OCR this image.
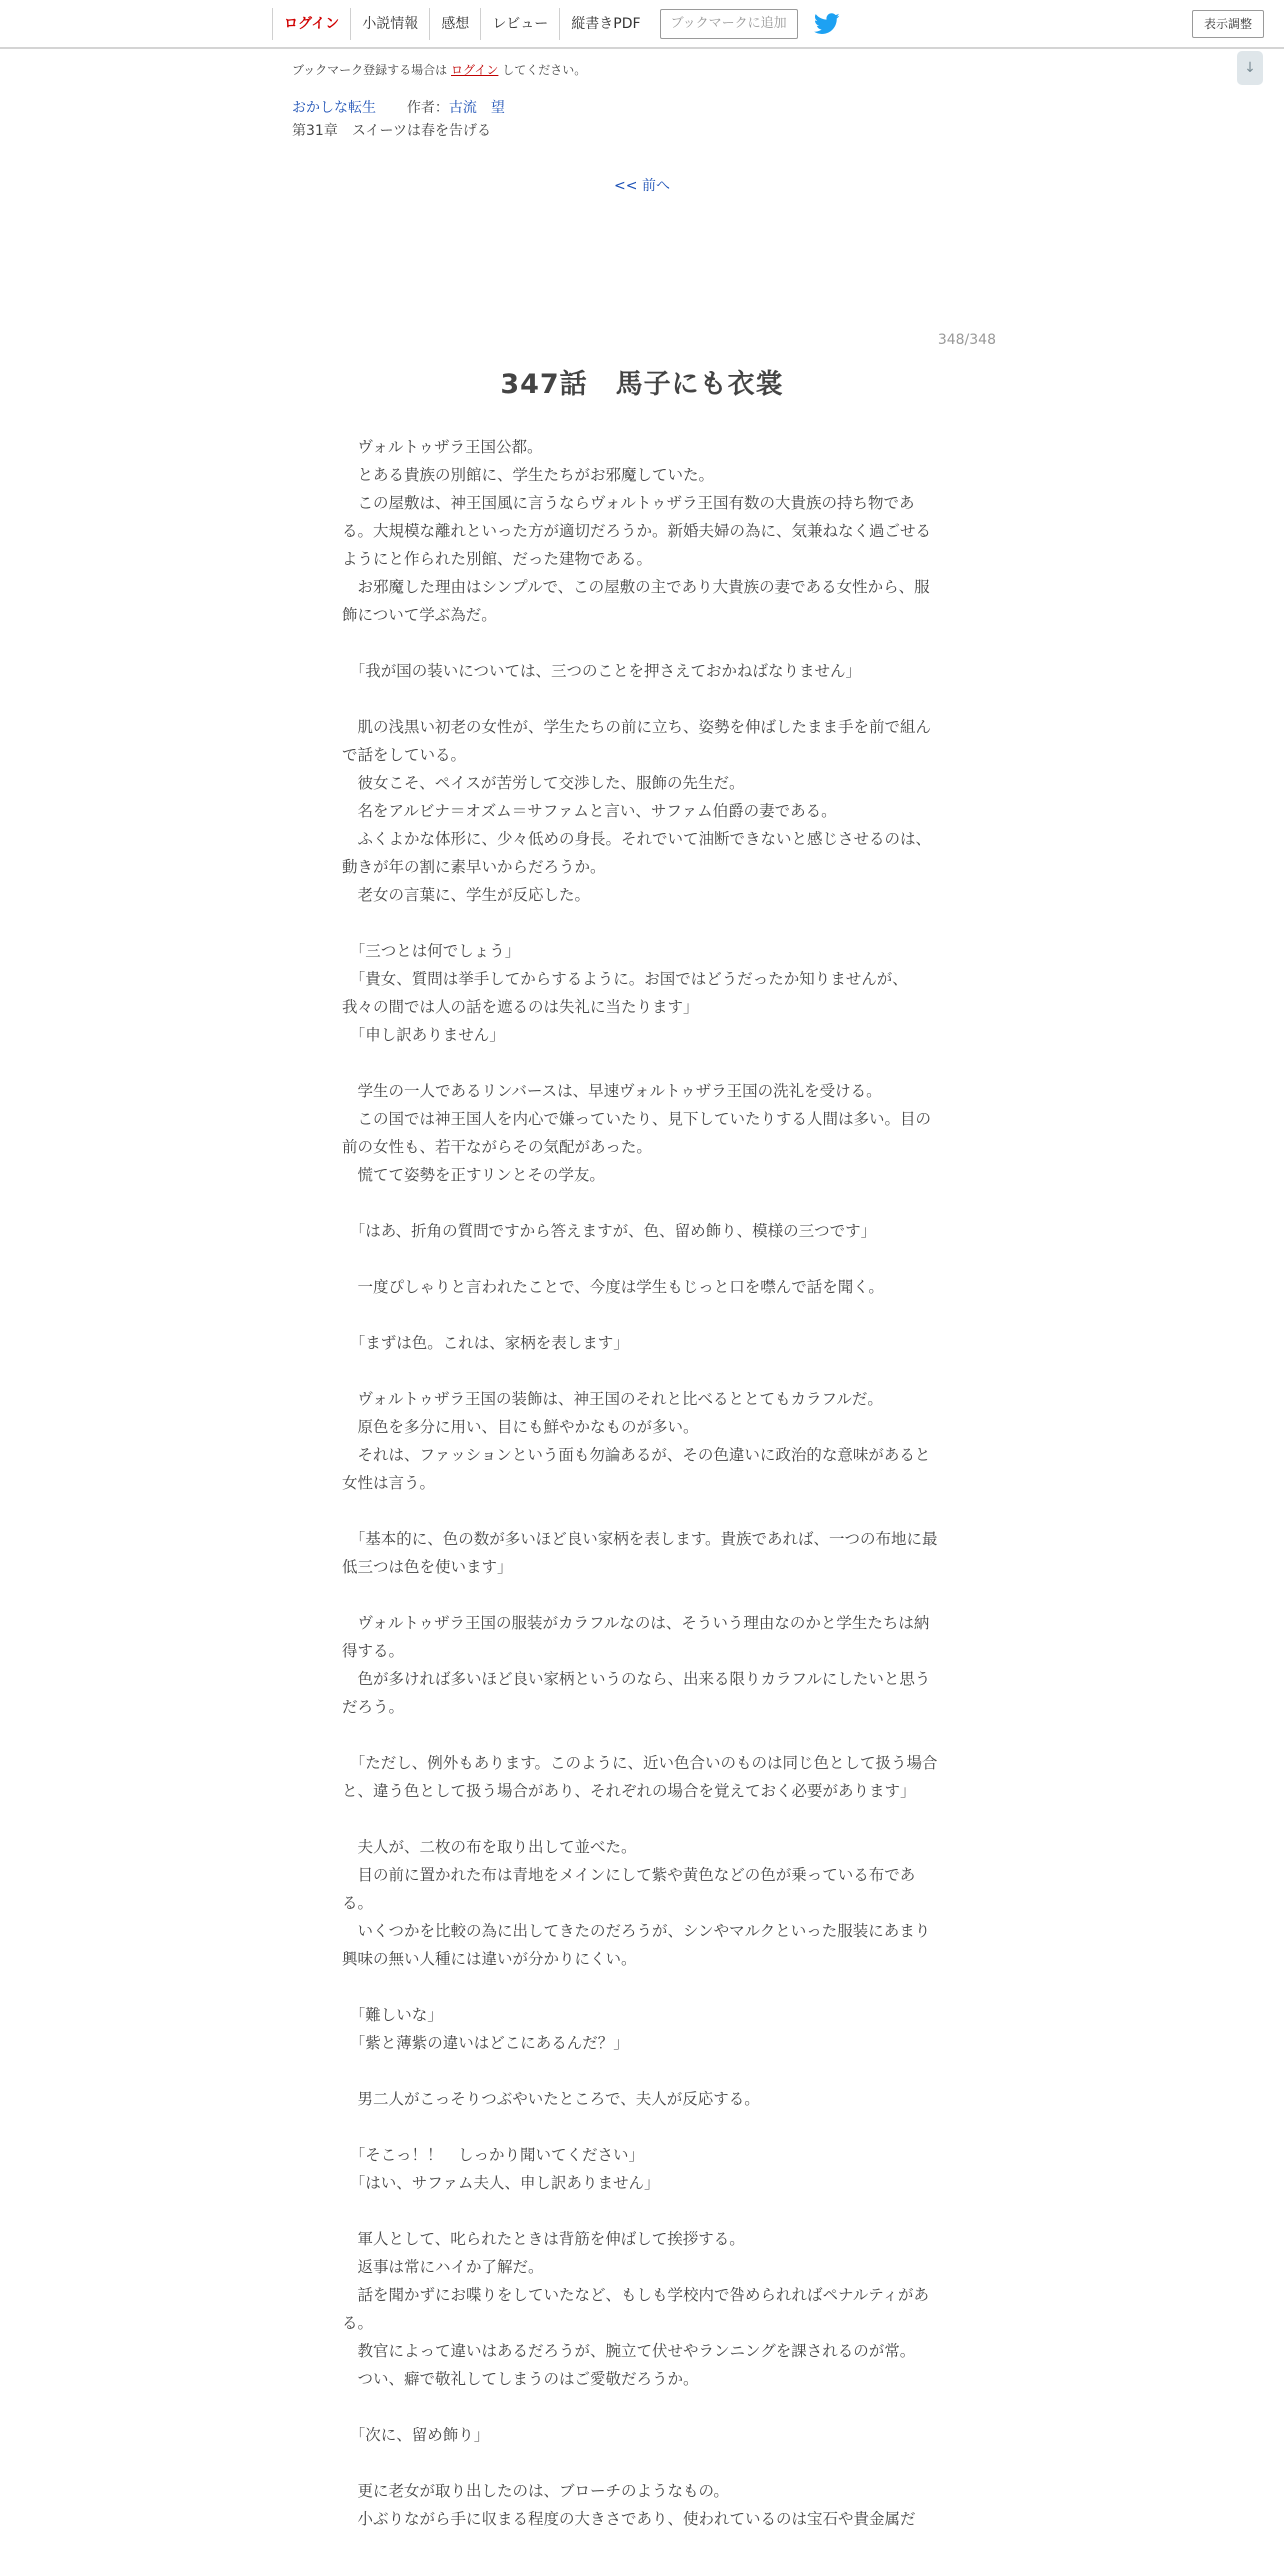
ログイン	小説情報	感想	レビュー	縦書きPDF	ブックマークに追加	表示調整
↓
ブックマーク登録する場合は ログイン してください。
おかしな転生 作者：古流　望
第31章　スイーツは春を告げる
<< 前へ
348/348
347話　馬子にも衣裳

　ヴォルトゥザラ王国公都。

　とある貴族の別館に、学生たちがお邪魔していた。

　この屋敷は、神王国風に言うならヴォルトゥザラ王国有数の大貴族の持ち物である。大規模な離れといった方が適切だろうか。新婚夫婦の為に、気兼ねなく過ごせるようにと作られた別館、だった建物である。

　お邪魔した理由はシンプルで、この屋敷の主であり大貴族の妻である女性から、服飾について学ぶ為だ。

　「我が国の装いについては、三つのことを押さえておかねばなりません」

　肌の浅黒い初老の女性が、学生たちの前に立ち、姿勢を伸ばしたまま手を前で組んで話をしている。

　彼女こそ、ペイスが苦労して交渉した、服飾の先生だ。

　名をアルビナ＝オズム＝サファムと言い、サファム伯爵の妻である。

　ふくよかな体形に、少々低めの身長。それでいて油断できないと感じさせるのは、動きが年の割に素早いからだろうか。

　老女の言葉に、学生が反応した。

　「三つとは何でしょう」

　「貴女、質問は挙手してからするように。お国ではどうだったか知りませんが、我々の間では人の話を遮るのは失礼に当たります」

　「申し訳ありません」

　学生の一人であるリンバースは、早速ヴォルトゥザラ王国の洗礼を受ける。

　この国では神王国人を内心で嫌っていたり、見下していたりする人間は多い。目の前の女性も、若干ながらその気配があった。

　慌てて姿勢を正すリンとその学友。

　「はあ、折角の質問ですから答えますが、色、留め飾り、模様の三つです」

　一度ぴしゃりと言われたことで、今度は学生もじっと口を噤んで話を聞く。

　「まずは色。これは、家柄を表します」

　ヴォルトゥザラ王国の装飾は、神王国のそれと比べるととてもカラフルだ。

　原色を多分に用い、目にも鮮やかなものが多い。

　それは、ファッションという面も勿論あるが、その色違いに政治的な意味があると女性は言う。

　「基本的に、色の数が多いほど良い家柄を表します。貴族であれば、一つの布地に最低三つは色を使います」

　ヴォルトゥザラ王国の服装がカラフルなのは、そういう理由なのかと学生たちは納得する。

　色が多ければ多いほど良い家柄というのなら、出来る限りカラフルにしたいと思うだろう。

　「ただし、例外もあります。このように、近い色合いのものは同じ色として扱う場合と、違う色として扱う場合があり、それぞれの場合を覚えておく必要があります」

　夫人が、二枚の布を取り出して並べた。

　目の前に置かれた布は青地をメインにして紫や黄色などの色が乗っている布である。

　いくつかを比較の為に出してきたのだろうが、シンやマルクといった服装にあまり興味の無い人種には違いが分かりにくい。

　「難しいな」

　「紫と薄紫の違いはどこにあるんだ？」

　男二人がこっそりつぶやいたところで、夫人が反応する。

　「そこっ！！　しっかり聞いてください」

　「はい、サファム夫人、申し訳ありません」

　軍人として、叱られたときは背筋を伸ばして挨拶する。

　返事は常にハイか了解だ。

　話を聞かずにお喋りをしていたなど、もしも学校内で咎められればペナルティがある。

　教官によって違いはあるだろうが、腕立て伏せやランニングを課されるのが常。

　つい、癖で敬礼してしまうのはご愛敬だろうか。

　「次に、留め飾り」

　更に老女が取り出したのは、ブローチのようなもの。

　小ぶりながら手に収まる程度の大きさであり、使われているのは宝石や貴金属だ
